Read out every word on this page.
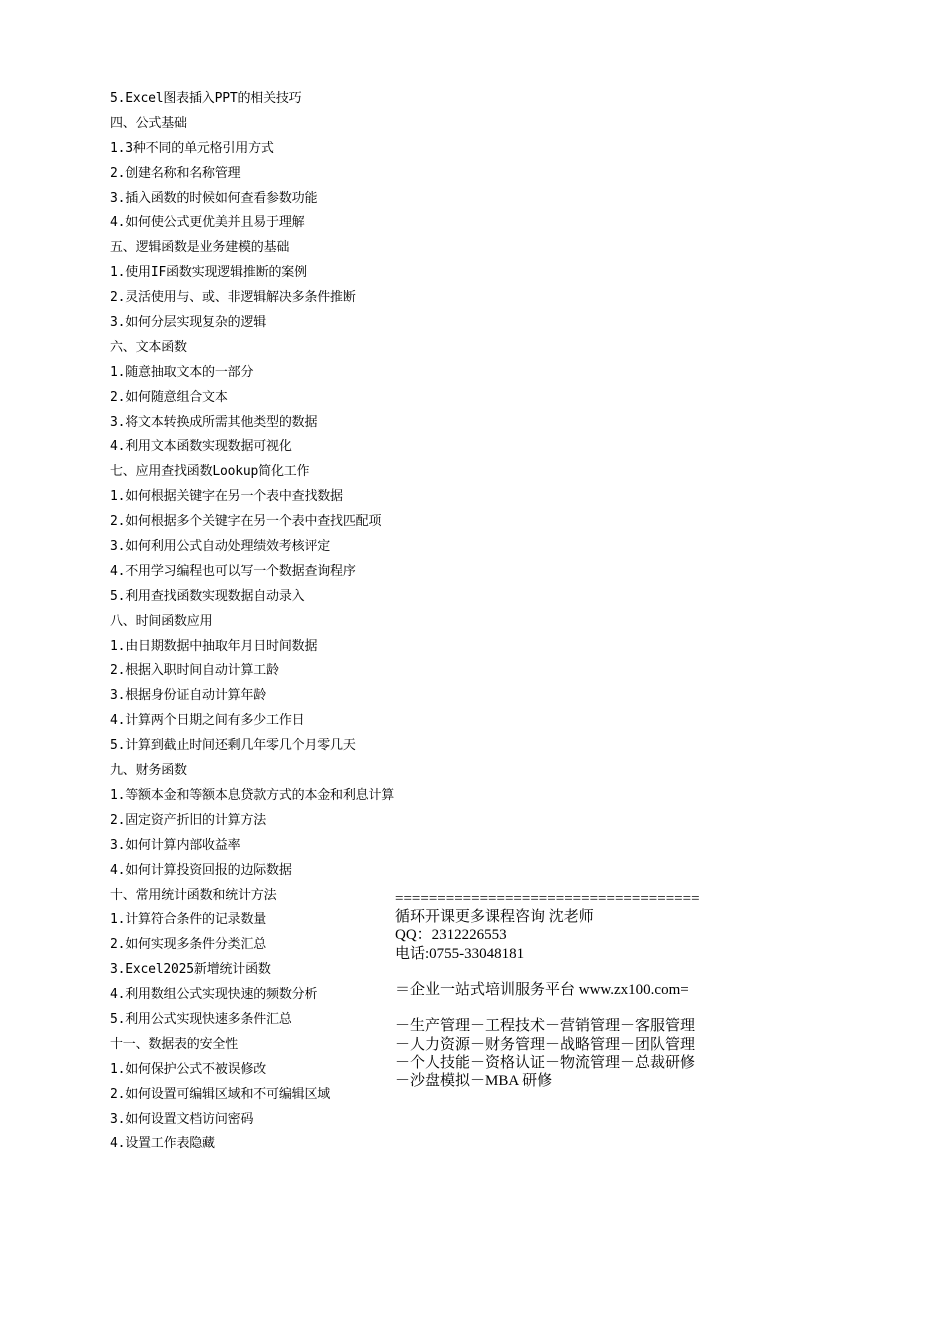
5.Excel图表插入PPT的相关技巧
四、公式基础
1.3种不同的单元格引用方式
2.创建名称和名称管理
3.插入函数的时候如何查看参数功能
4.如何使公式更优美并且易于理解
五、逻辑函数是业务建模的基础
1.使用IF函数实现逻辑推断的案例
2.灵活使用与、或、非逻辑解决多条件推断
3.如何分层实现复杂的逻辑
六、文本函数
1.随意抽取文本的一部分
2.如何随意组合文本
3.将文本转换成所需其他类型的数据
4.利用文本函数实现数据可视化
七、应用查找函数Lookup简化工作
1.如何根据关键字在另一个表中查找数据
2.如何根据多个关键字在另一个表中查找匹配项
3.如何利用公式自动处理绩效考核评定
4.不用学习编程也可以写一个数据查询程序
5.利用查找函数实现数据自动录入
八、时间函数应用
1.由日期数据中抽取年月日时间数据
2.根据入职时间自动计算工龄
3.根据身份证自动计算年龄
4.计算两个日期之间有多少工作日
5.计算到截止时间还剩几年零几个月零几天
九、财务函数
1.等额本金和等额本息贷款方式的本金和利息计算
2.固定资产折旧的计算方法
3.如何计算内部收益率
4.如何计算投资回报的边际数据
十、常用统计函数和统计方法
1.计算符合条件的记录数量
2.如何实现多条件分类汇总
3.Excel2025新增统计函数
4.利用数组公式实现快速的频数分析
5.利用公式实现快速多条件汇总
十一、数据表的安全性
1.如何保护公式不被误修改
2.如何设置可编辑区域和不可编辑区域
3.如何设置文档访问密码
4.设置工作表隐藏
====================================
循环开课更多课程咨询 沈老师
QQ：2312226553
电话:0755-33048181
＝企业一站式培训服务平台 www.zx100.com=
－生产管理－工程技术－营销管理－客服管理
－人力资源－财务管理－战略管理－团队管理
－个人技能－资格认证－物流管理－总裁研修
－沙盘模拟－MBA 研修
